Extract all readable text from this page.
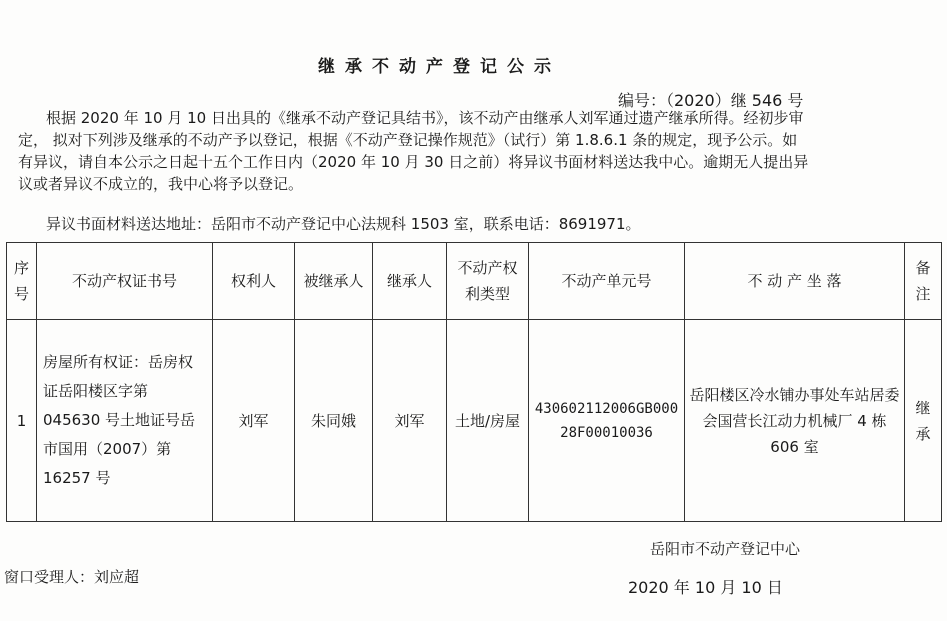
继承不动产登记公示
编号：（2020）继 546 号
根据 2020 年 10 月 10 日出具的《继承不动产登记具结书》，该不动产由继承人刘军通过遗产继承所得。经初步审
定， 拟对下列涉及继承的不动产予以登记，根据《不动产登记操作规范》（试行）第 1.8.6.1 条的规定，现予公示。如
有异议，请自本公示之日起十五个工作日内（2020 年 10 月 30 日之前）将异议书面材料送达我中心。逾期无人提出异
议或者异议不成立的，我中心将予以登记。
异议书面材料送达地址：岳阳市不动产登记中心法规科 1503 室，联系电话：8691971。
序号	不动产权证书号	权利人	被继承人	继承人	不动产权利类型	不动产单元号	不 动 产 坐 落	备注
1	房屋所有权证：岳房权证岳阳楼区字第 045630 号土地证号岳市国用（2007）第 16257 号	刘军	朱同娥	刘军	土地/房屋	430602112006GB00028F00010036	岳阳楼区冷水铺办事处车站居委会国营长江动力机械厂 4 栋 606 室	继承
岳阳市不动产登记中心
窗口受理人：刘应超
2020 年 10 月 10 日
